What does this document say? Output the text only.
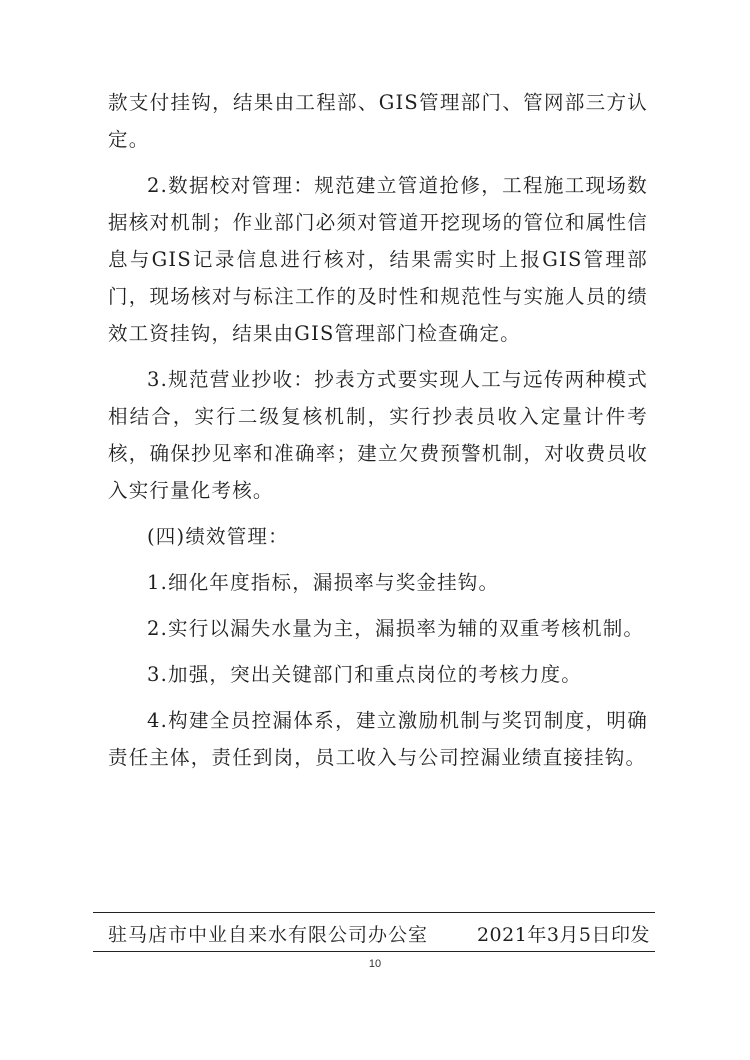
款支付挂钩，结果由工程部、GIS管理部门、管网部三方认定。

2.数据校对管理：规范建立管道抢修，工程施工现场数据核对机制；作业部门必须对管道开挖现场的管位和属性信息与GIS记录信息进行核对，结果需实时上报GIS管理部门，现场核对与标注工作的及时性和规范性与实施人员的绩效工资挂钩，结果由GIS管理部门检查确定。

3.规范营业抄收：抄表方式要实现人工与远传两种模式相结合，实行二级复核机制，实行抄表员收入定量计件考核，确保抄见率和准确率；建立欠费预警机制，对收费员收入实行量化考核。

(四)绩效管理：

1.细化年度指标，漏损率与奖金挂钩。

2.实行以漏失水量为主，漏损率为辅的双重考核机制。

3.加强，突出关键部门和重点岗位的考核力度。

4.构建全员控漏体系，建立激励机制与奖罚制度，明确责任主体，责任到岗，员工收入与公司控漏业绩直接挂钩。

驻马店市中业自来水有限公司办公室	2021年3月5日印发
10
